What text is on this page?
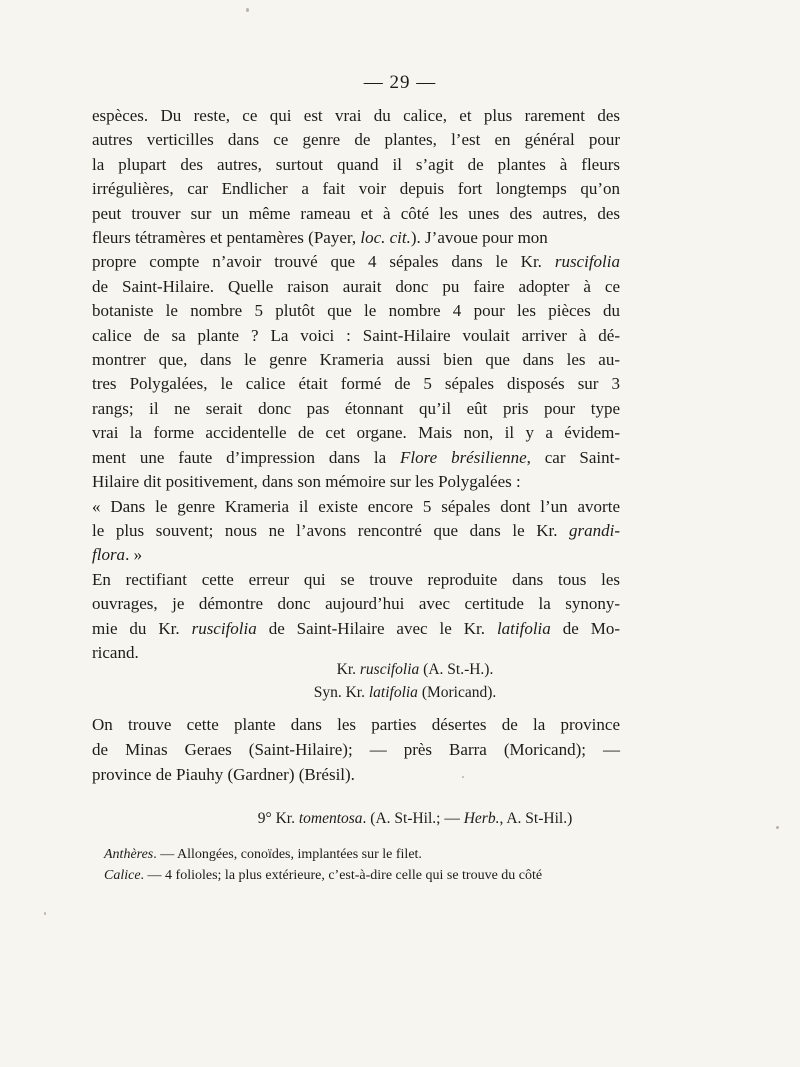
— 29 —
espèces. Du reste, ce qui est vrai du calice, et plus rarement des
autres verticilles dans ce genre de plantes, l’est en général pour
la plupart des autres, surtout quand il s’agit de plantes à fleurs
irrégulières, car Endlicher a fait voir depuis fort longtemps qu’on
peut trouver sur un même rameau et à côté les unes des autres, des
fleurs tétramères et pentamères (Payer, loc. cit.). J’avoue pour mon
propre compte n’avoir trouvé que 4 sépales dans le Kr. ruscifolia
de Saint-Hilaire. Quelle raison aurait donc pu faire adopter à ce
botaniste le nombre 5 plutôt que le nombre 4 pour les pièces du
calice de sa plante ? La voici : Saint-Hilaire voulait arriver à dé-
montrer que, dans le genre Krameria aussi bien que dans les au-
tres Polygalées, le calice était formé de 5 sépales disposés sur 3
rangs; il ne serait donc pas étonnant qu’il eût pris pour type
vrai la forme accidentelle de cet organe. Mais non, il y a évidem-
ment une faute d’impression dans la Flore brésilienne, car Saint-
Hilaire dit positivement, dans son mémoire sur les Polygalées :
« Dans le genre Krameria il existe encore 5 sépales dont l’un avorte
le plus souvent; nous ne l’avons rencontré que dans le Kr. grandi-
flora. »
En rectifiant cette erreur qui se trouve reproduite dans tous les
ouvrages, je démontre donc aujourd’hui avec certitude la synony-
mie du Kr. ruscifolia de Saint-Hilaire avec le Kr. latifolia de Mo-
ricand.
Kr. ruscifolia (A. St.-H.).
Syn. Kr. latifolia (Moricand).
On trouve cette plante dans les parties désertes de la province
de Minas Geraes (Saint-Hilaire); — près Barra (Moricand); —
province de Piauhy (Gardner) (Brésil).
9° Kr. tomentosa. (A. St-Hil.; — Herb., A. St-Hil.)
Anthères. — Allongées, conoïdes, implantées sur le filet.
Calice. — 4 folioles; la plus extérieure, c’est-à-dire celle qui se trouve du côté
